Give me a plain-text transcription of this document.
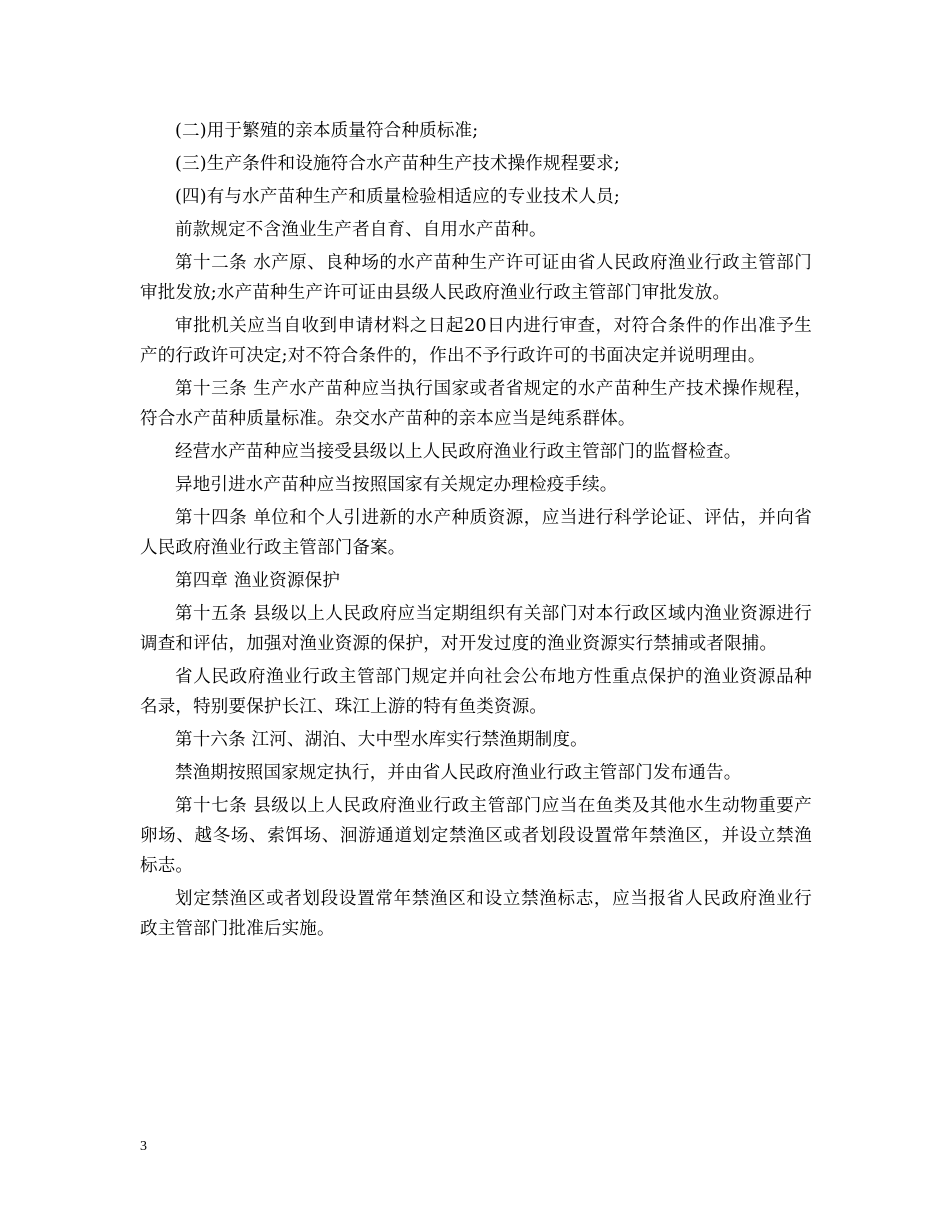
(二)用于繁殖的亲本质量符合种质标准;

(三)生产条件和设施符合水产苗种生产技术操作规程要求;

(四)有与水产苗种生产和质量检验相适应的专业技术人员;

前款规定不含渔业生产者自育、自用水产苗种。

第十二条 水产原、良种场的水产苗种生产许可证由省人民政府渔业行政主管部门审批发放;水产苗种生产许可证由县级人民政府渔业行政主管部门审批发放。

审批机关应当自收到申请材料之日起20日内进行审查，对符合条件的作出准予生产的行政许可决定;对不符合条件的，作出不予行政许可的书面决定并说明理由。

第十三条 生产水产苗种应当执行国家或者省规定的水产苗种生产技术操作规程，符合水产苗种质量标准。杂交水产苗种的亲本应当是纯系群体。

经营水产苗种应当接受县级以上人民政府渔业行政主管部门的监督检查。

异地引进水产苗种应当按照国家有关规定办理检疫手续。

第十四条 单位和个人引进新的水产种质资源，应当进行科学论证、评估，并向省人民政府渔业行政主管部门备案。

第四章 渔业资源保护

第十五条 县级以上人民政府应当定期组织有关部门对本行政区域内渔业资源进行调查和评估，加强对渔业资源的保护，对开发过度的渔业资源实行禁捕或者限捕。

省人民政府渔业行政主管部门规定并向社会公布地方性重点保护的渔业资源品种名录，特别要保护长江、珠江上游的特有鱼类资源。

第十六条 江河、湖泊、大中型水库实行禁渔期制度。

禁渔期按照国家规定执行，并由省人民政府渔业行政主管部门发布通告。

第十七条 县级以上人民政府渔业行政主管部门应当在鱼类及其他水生动物重要产卵场、越冬场、索饵场、洄游通道划定禁渔区或者划段设置常年禁渔区，并设立禁渔标志。

划定禁渔区或者划段设置常年禁渔区和设立禁渔标志，应当报省人民政府渔业行政主管部门批准后实施。

3
